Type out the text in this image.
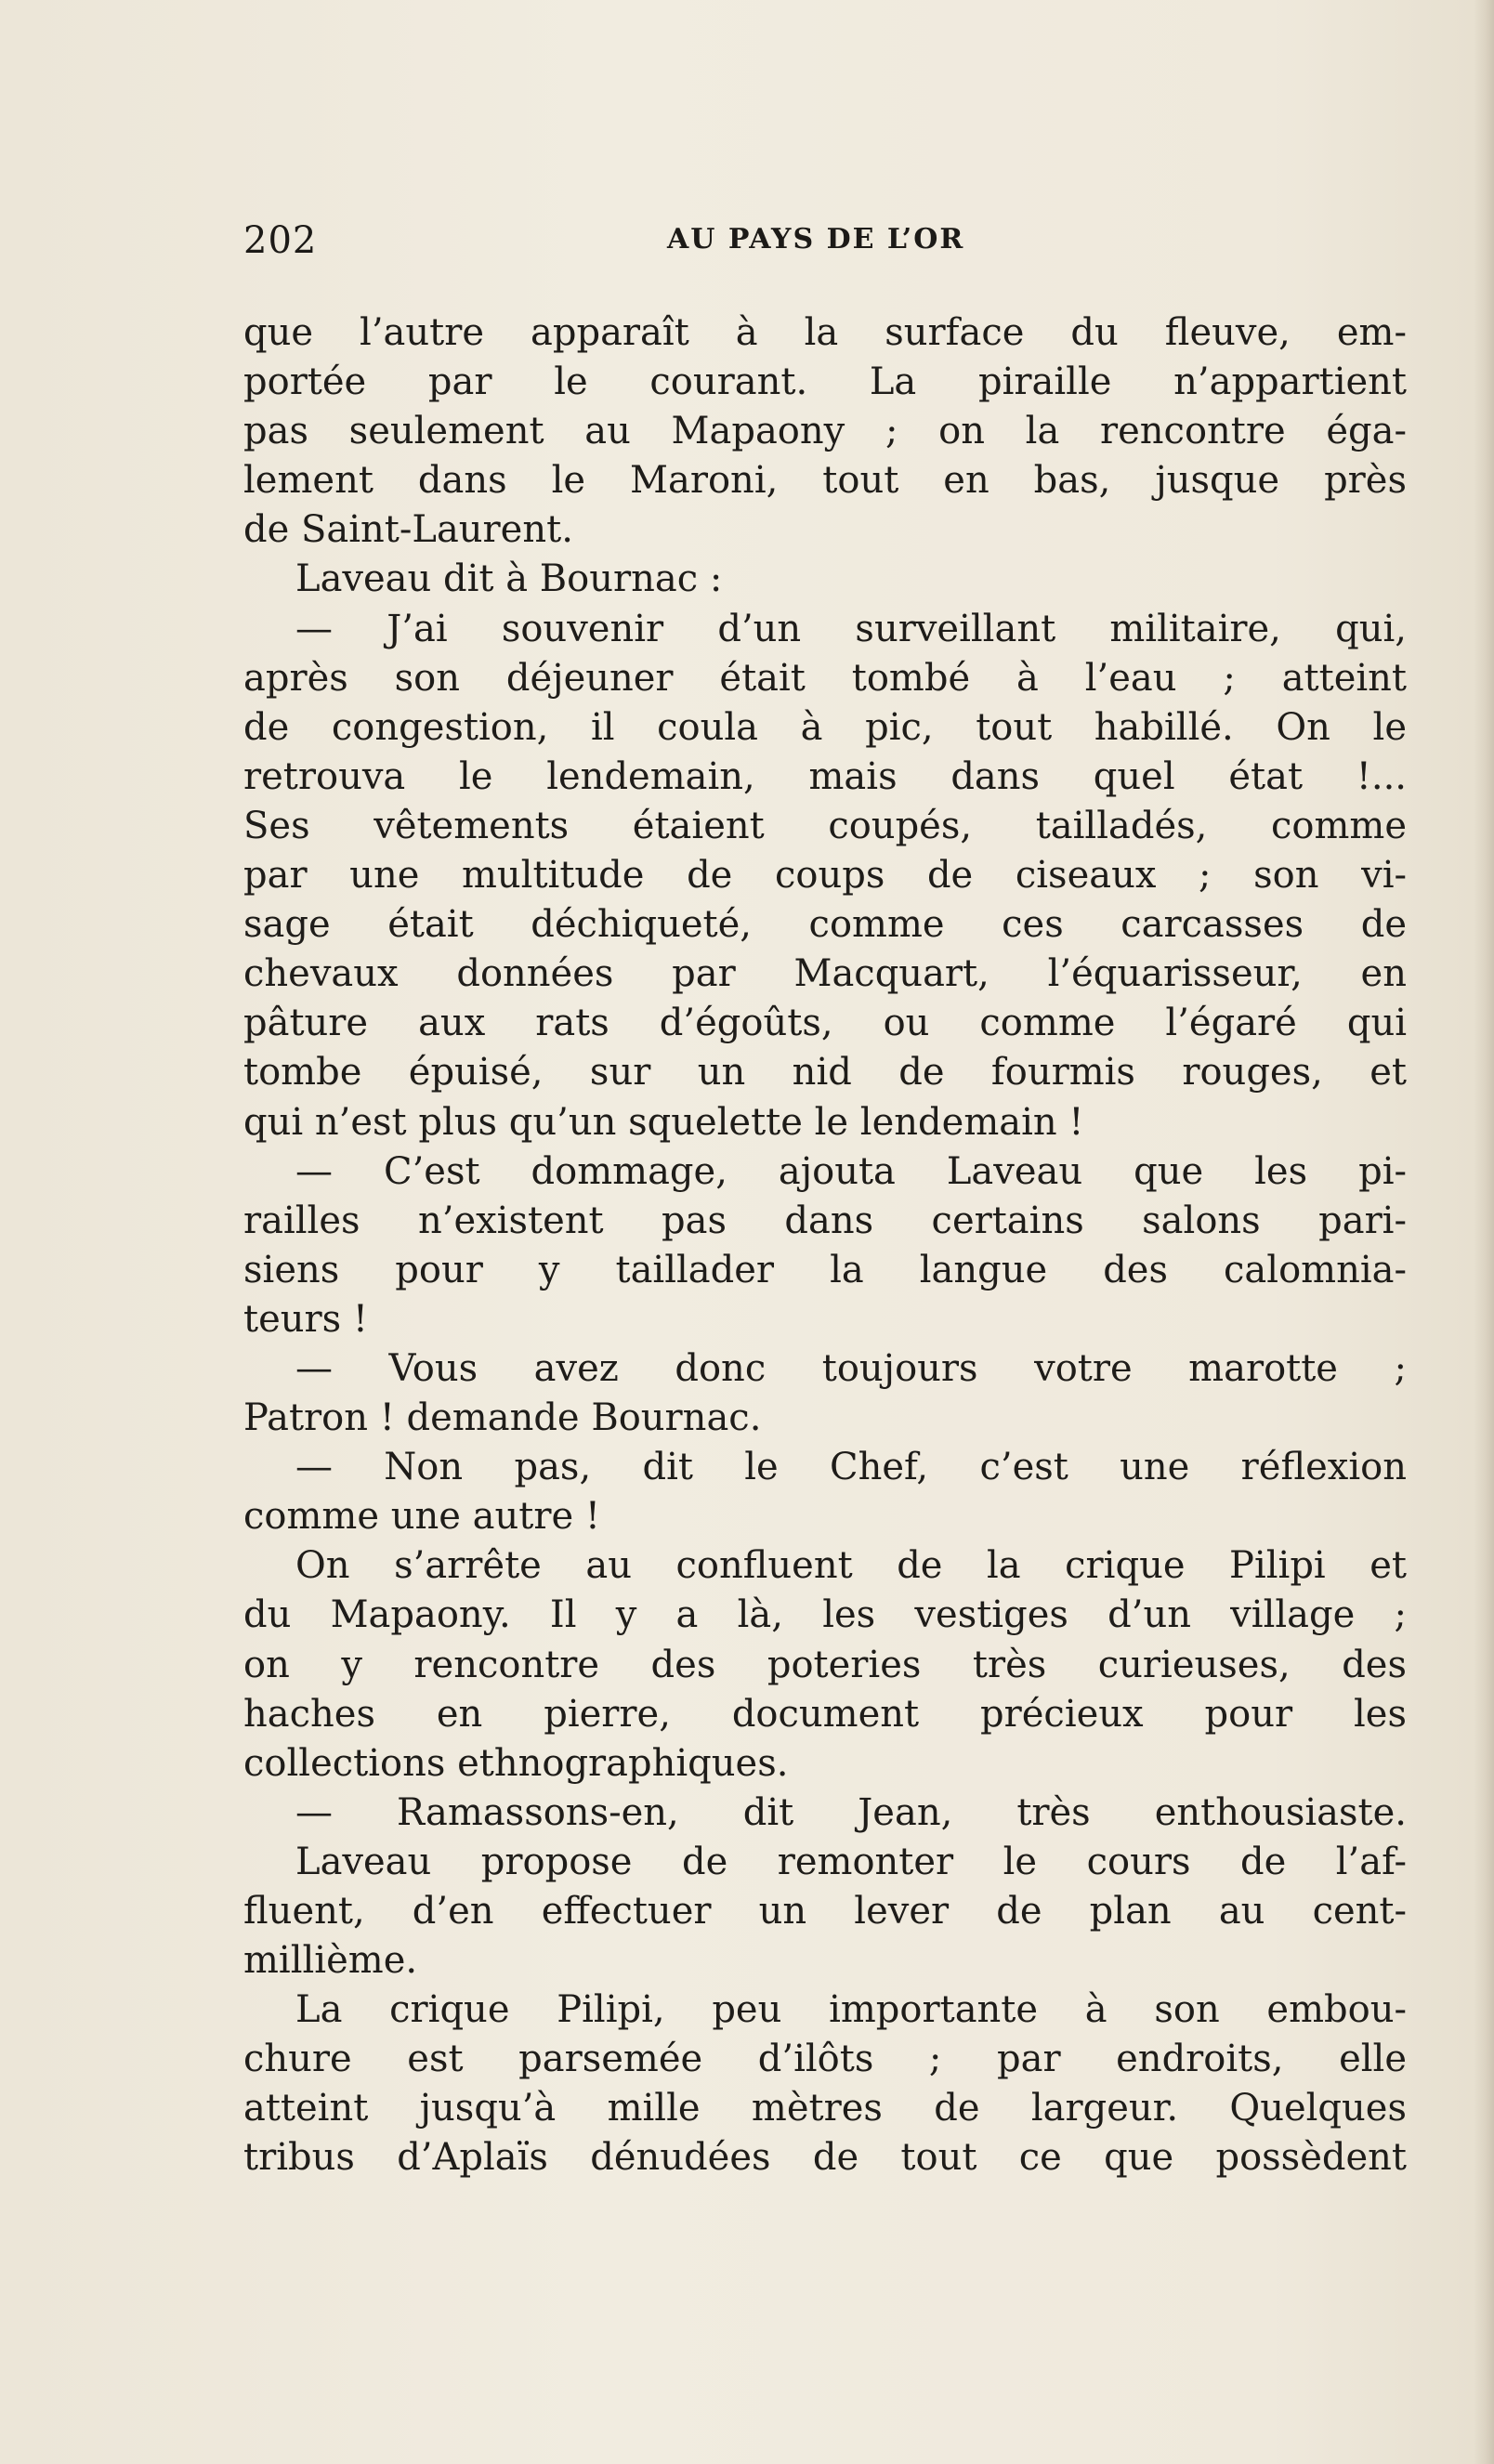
202	AU PAYS DE L’OR
que l’autre apparaît à la surface du fleuve, em-
portée par le courant. La piraille n’appartient
pas seulement au Mapaony ; on la rencontre éga-
lement dans le Maroni, tout en bas, jusque près
de Saint-Laurent.
Laveau dit à Bournac :
— J’ai souvenir d’un surveillant militaire, qui,
après son déjeuner était tombé à l’eau ; atteint
de congestion, il coula à pic, tout habillé. On le
retrouva le lendemain, mais dans quel état !...
Ses vêtements étaient coupés, tailladés, comme
par une multitude de coups de ciseaux ; son vi-
sage était déchiqueté, comme ces carcasses de
chevaux données par Macquart, l’équarisseur, en
pâture aux rats d’égoûts, ou comme l’égaré qui
tombe épuisé, sur un nid de fourmis rouges, et
qui n’est plus qu’un squelette le lendemain !
— C’est dommage, ajouta Laveau que les pi-
railles n’existent pas dans certains salons pari-
siens pour y taillader la langue des calomnia-
teurs !
— Vous avez donc toujours votre marotte ;
Patron ! demande Bournac.
— Non pas, dit le Chef, c’est une réflexion
comme une autre !
On s’arrête au confluent de la crique Pilipi et
du Mapaony. Il y a là, les vestiges d’un village ;
on y rencontre des poteries très curieuses, des
haches en pierre, document précieux pour les
collections ethnographiques.
— Ramassons-en, dit Jean, très enthousiaste.
Laveau propose de remonter le cours de l’af-
fluent, d’en effectuer un lever de plan au cent-
millième.
La crique Pilipi, peu importante à son embou-
chure est parsemée d’ilôts ; par endroits, elle
atteint jusqu’à mille mètres de largeur. Quelques
tribus d’Aplaïs dénudées de tout ce que possèdent
